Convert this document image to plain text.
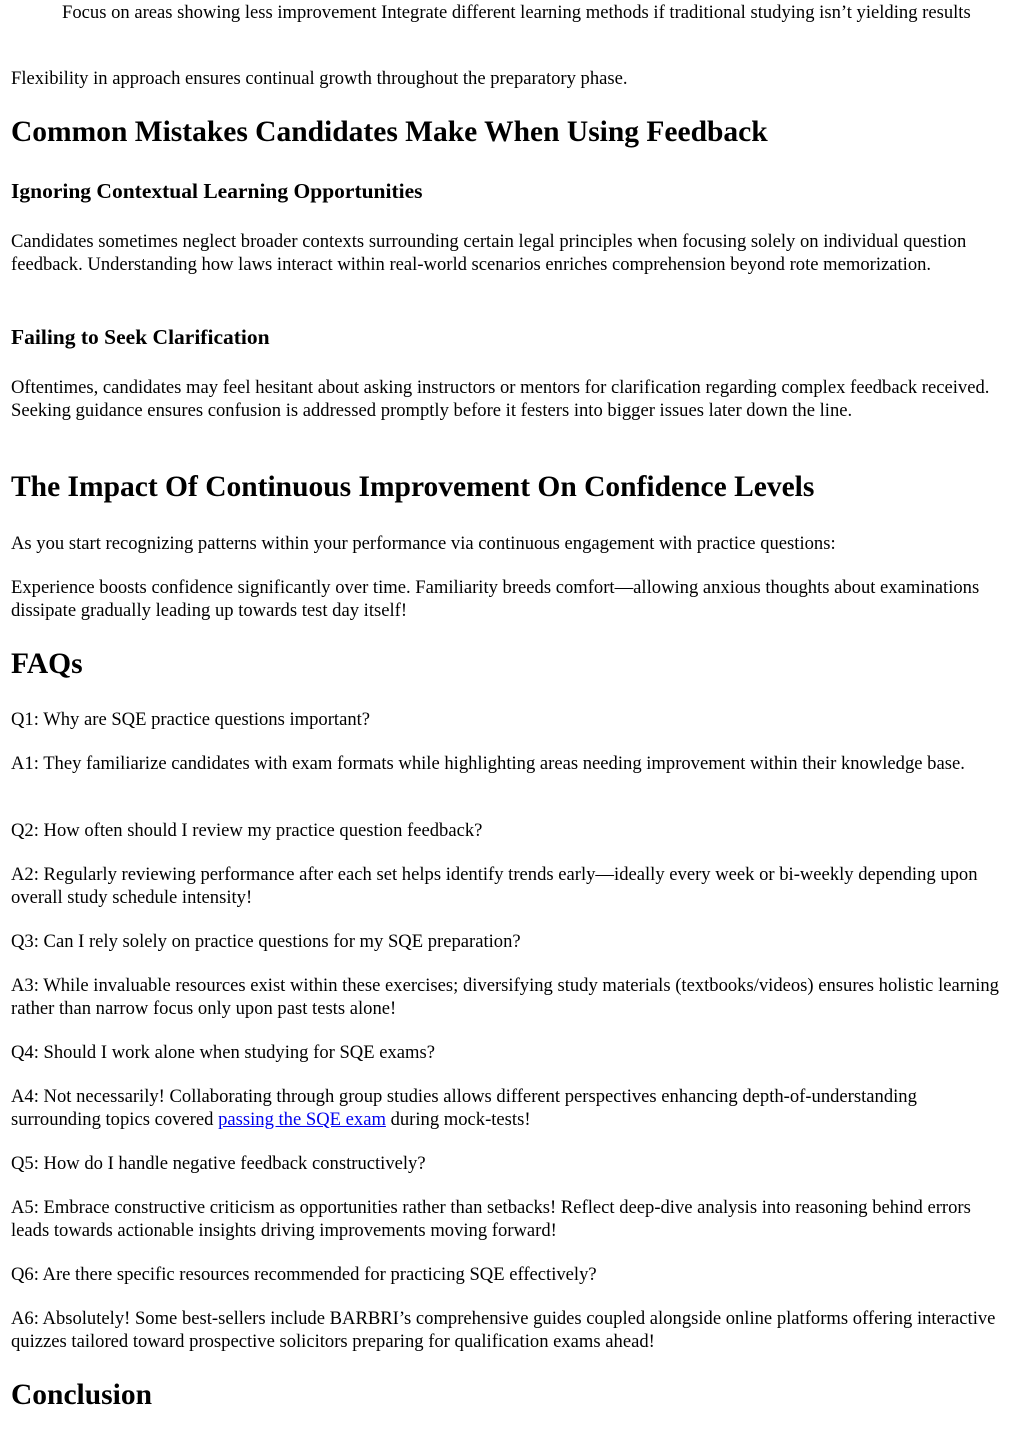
Focus on areas showing less improvement Integrate different learning methods if traditional studying isn’t yielding results

Flexibility in approach ensures continual growth throughout the preparatory phase.

Common Mistakes Candidates Make When Using Feedback
Ignoring Contextual Learning Opportunities

Candidates sometimes neglect broader contexts surrounding certain legal principles when focusing solely on individual question feedback. Understanding how laws interact within real-world scenarios enriches comprehension beyond rote memorization.

Failing to Seek Clarification

Oftentimes, candidates may feel hesitant about asking instructors or mentors for clarification regarding complex feedback received. Seeking guidance ensures confusion is addressed promptly before it festers into bigger issues later down the line.

The Impact Of Continuous Improvement On Confidence Levels

As you start recognizing patterns within your performance via continuous engagement with practice questions:

Experience boosts confidence significantly over time. Familiarity breeds comfort—allowing anxious thoughts about examinations dissipate gradually leading up towards test day itself!

FAQs

Q1: Why are SQE practice questions important?

A1: They familiarize candidates with exam formats while highlighting areas needing improvement within their knowledge base.

Q2: How often should I review my practice question feedback?

A2: Regularly reviewing performance after each set helps identify trends early—ideally every week or bi-weekly depending upon overall study schedule intensity!

Q3: Can I rely solely on practice questions for my SQE preparation?

A3: While invaluable resources exist within these exercises; diversifying study materials (textbooks/videos) ensures holistic learning rather than narrow focus only upon past tests alone!

Q4: Should I work alone when studying for SQE exams?

A4: Not necessarily! Collaborating through group studies allows different perspectives enhancing depth-of-understanding surrounding topics covered passing the SQE exam during mock-tests!

Q5: How do I handle negative feedback constructively?

A5: Embrace constructive criticism as opportunities rather than setbacks! Reflect deep-dive analysis into reasoning behind errors leads towards actionable insights driving improvements moving forward!

Q6: Are there specific resources recommended for practicing SQE effectively?

A6: Absolutely! Some best-sellers include BARBRI’s comprehensive guides coupled alongside online platforms offering interactive quizzes tailored toward prospective solicitors preparing for qualification exams ahead!

Conclusion
